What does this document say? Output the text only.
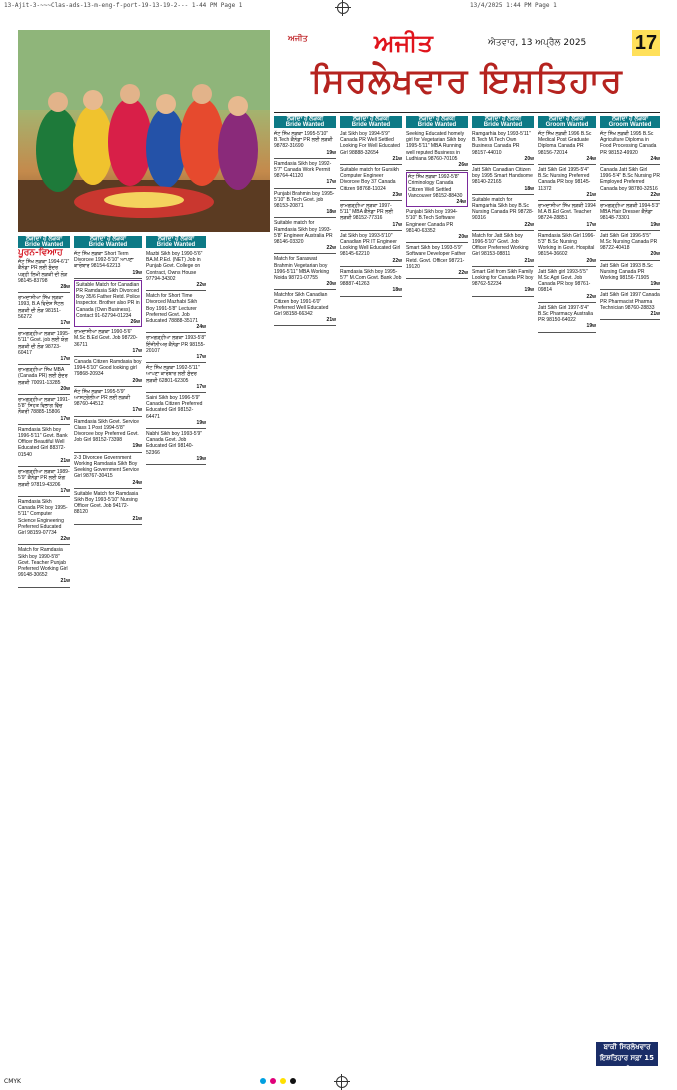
13-Ajit-3-~~~Clas-ads-13-m-eng-f-port-19-13-19-2--- 1-44 PM Page 1	13/4/2025 1:44 PM Page 1
ਅਜੀਤ	ਅਜੀਤ	ਐਤਵਾਰ, 13 ਅਪ੍ਰੈਲ 2025 17
ਸਿਰਲੇਖਵਾਰ ਇਸ਼ਤਿਹਾਰ
ਲੋੜੀਂਦਾ ਹੈ ਲੜਕਾ
Bride Wanted
ਪੂਰਨ-ਵਿਆਹ
ਜੱਟ ਸਿੱਖ ਲੜਕਾ 1994-6'1" ਕੈਨੇਡਾ PR ਲਈ ਸੁੰਦਰ ਪੜ੍ਹੀ ਲਿਖੀ ਲੜਕੀ ਦੀ ਲੋੜ 98145-83798
28w
ਰਾਮਦਾਸੀਆ ਸਿੱਖ ਲੜਕਾ 1993, B.A ਵਿਦੇਸ਼ ਸੈਟਲ ਲੜਕੀ ਦੀ ਲੋੜ 98151-56272
17w
ਰਾਮਗੜ੍ਹੀਆ ਲੜਕਾ 1995-5'11" Govt. job ਲਈ ਯੋਗ ਲੜਕੀ ਦੀ ਲੋੜ 98723-60417
17w
ਰਾਮਗੜ੍ਹੀਆ ਸਿੱਖ MBA (Canada PR) ਲਈ ਸੁੰਦਰ ਲੜਕੀ 70091-13285
20w
ਰਾਮਗੜ੍ਹੀਆ ਲੜਕਾ 1991-5'8" ਸਿਹਤ ਵਿਭਾਗ ਵਿੱਚ ਨੌਕਰੀ 78885-15806
17w
Ramdasia Sikh boy 1996-5'11" Govt. Bank Officer Beautiful Well Educated Girl 88372-01540
21w
ਰਾਮਗੜ੍ਹੀਆ ਲੜਕਾ 1989-5'9" ਕੈਨੇਡਾ PR ਲਈ ਯੋਗ ਲੜਕੀ 97819-43206
17w
Ramdasia Sikh Canada PR boy 1995-5'11" Computer Science Engineering Preferred Educated Girl 98159-07734
22w
Match for Ramdasia Sikh boy 1990-5'8" Govt. Teacher Punjab Preferred Working Girl 99148-30652
21w
ਲੋੜੀਂਦਾ ਹੈ ਲੜਕਾ
Bride Wanted
ਜੱਟ ਸਿੱਖ ਲੜਕਾ Short Term Divorcee 1992-5'10" ਆਪਣਾ ਕਾਰੋਬਾਰ 98154-62213
19w
Suitable Match for Canadian PR Ramdasia Sikh Divorced Boy 35/6 Father Retd. Police Inspector. Brother also PR in Canada (Own Business). Contact 91-62794-01234
26w
ਰਾਮਦਾਸੀਆ ਲੜਕਾ 1990-5'6" M.Sc B.Ed Govt. Job 98720-36711
17w
Canada Citizen Ramdasia boy 1994-5'10" Good looking girl 79868-20934
20w
ਜੱਟ ਸਿੱਖ ਲੜਕਾ 1995-5'9" ਆਸਟ੍ਰੇਲੀਆ PR ਲਈ ਲੜਕੀ 98760-44512
17w
Ramdasia Sikh Govt. Service Class 1 Post 1994-5'8" Divorcee boy Preferred Govt. Job Girl 98152-73398
19w
2-3 Divorcee Government Working Ramdasia Sikh Boy Seeking Government Service Girl 98767-30415
24w
Suitable Match for Ramdasia Sikh Boy 1993-5'10" Nursing Officer Govt. Job 94172-88120
21w
ਲੋੜੀਂਦਾ ਹੈ ਲੜਕਾ
Bride Wanted
Mazbi Sikh boy 1990-5'6" BA.M.P.Ed. (NET) Job in Punjab Govt. College on Contract, Owns House 97794-34302
22w
Match for Short Time Divorced Mazhabi Sikh Boy 1991-5'8" Lecturer Preferred Govt. Job Educated 78888-35171
24w
ਰਾਮਗੜ੍ਹੀਆ ਲੜਕਾ 1993-5'8" ਇੰਜੀਨੀਅਰ ਕੈਨੇਡਾ PR 98155-20107
17w
ਜੱਟ ਸਿੱਖ ਲੜਕਾ 1992-5'11" ਆਪਣਾ ਕਾਰੋਬਾਰ ਲਈ ਸੁੰਦਰ ਲੜਕੀ 62801-62305
17w
Saini Sikh boy 1996-5'9" Canada Citizen Preferred Educated Girl 98152-64471
19w
Nabhi Sikh boy 1993-5'9" Canada Govt. Job Educated Girl 98140-52366
19w
ਲੋੜੀਂਦਾ ਹੈ ਲੜਕੀ
Bride Wanted
ਜੱਟ ਸਿੱਖ ਲੜਕਾ 1995-5'10" B.Tech ਕੈਨੇਡਾ PR ਲਈ ਲੜਕੀ 98782-31690
19w
Ramdasia Sikh boy 1992-5'7" Canada Work Permit 98764-41120
17w
Punjabi Brahmin boy 1995-5'10" B.Tech Govt. job 98153-20871
18w
Suitable match for Ramdasia Sikh boy 1993-5'8" Engineer Australia PR 98146-03320
22w
Match for Saraswat Brahmin Vegetarian boy 1996-5'11" MBA Working Noida 98721-07755
20w
Matchfor Sikh Canadian Citizen boy 1991-6'0" Preferred Well Educated Girl 98158-66342
21w
ਲੋੜੀਂਦਾ ਹੈ ਲੜਕੀ
Bride Wanted
Jat Sikh boy 1994-5'9" Canada PR Well Settled Looking For Well Educated Girl 98888-32654
21w
Suitable match for Gursikh Computer Engineer Divorcee Boy 37 Canada Citizen 98768-11024
23w
ਰਾਮਗੜ੍ਹੀਆ ਲੜਕਾ 1997-5'11" MBA ਕੈਨੇਡਾ PR ਲਈ ਲੜਕੀ 98152-77316
17w
Jat Sikh boy 1993-5'10" Canadian PR IT Engineer Looking Well Educated Girl 98145-62210
22w
Ramdasia Sikh boy 1995-5'7" M.Com Govt. Bank Job 98887-41263
18w
ਲੋੜੀਂਦਾ ਹੈ ਲੜਕੀ
Bride Wanted
Seeking Educated homely girl for Vegetarian Sikh boy 1995-5'11" MBA Running well reputed Business in Ludhiana 98760-70105
26w
ਜੱਟ ਸਿੱਖ ਲੜਕਾ 1992-5'8" Criminology Canada Citizen Well Settled Vancouver 98152-88430
24w
Punjabi Sikh boy 1994-5'10" B.Tech Software Engineer Canada PR 98140-63352
20w
Smart Sikh boy 1993-5'9" Software Developer Father Retd. Govt. Officer 98721-19120
22w
ਲੋੜੀਂਦਾ ਹੈ ਲੜਕੀ
Bride Wanted
Ramgarhia boy 1993-5'11" B.Tech M.Tech Own Business Canada PR 98157-44010
20w
Jatt Sikh Canadian Citizen boy 1995 Smart Handsome 98140-22165
18w
Suitable match for Ramgarhia Sikh boy B.Sc Nursing Canada PR 98728-90316
22w
Match for Jatt Sikh boy 1996-5'10" Govt. Job Officer Preferred Working Girl 98153-08811
21w
Smart Girl from Sikh Family Looking for Canada PR boy 98762-52234
19w
ਲੋੜੀਂਦਾ ਹੈ ਲੜਕਾ
Groom Wanted
ਜੱਟ ਸਿੱਖ ਲੜਕੀ 1996 B.Sc Medical Post Graduate Diploma Canada PR 98156-72014
24w
Jatt Sikh Girl 1995-5'4" B.Sc Nursing Preferred Canada PR boy 98145-11372
21w
ਰਾਮਦਾਸੀਆ ਸਿੱਖ ਲੜਕੀ 1994 M.A B.Ed Govt. Teacher 98724-28851
17w
Ramdasia Sikh Girl 1996-5'3" B.Sc Nursing Working in Govt. Hospital 98154-36602
20w
Jatt Sikh girl 1993-5'5" M.Sc Agri Govt. Job Canada PR boy 98761-09814
22w
Jatt Sikh Girl 1997-5'4" B.Sc Pharmacy Australia PR 98150-64022
19w
ਲੋੜੀਂਦਾ ਹੈ ਲੜਕਾ
Groom Wanted
ਜੱਟ ਸਿੱਖ ਲੜਕੀ 1995 B.Sc Agriculture Diploma in Food Processing Canada PR 98152-49920
24w
Canada Jatt Sikh Girl 1996-5'4" B.Sc Nursing PR Employed Preferred Canada boy 98780-32516
22w
ਰਾਮਗੜ੍ਹੀਆ ਲੜਕੀ 1994-5'3" MBA Hair Dresser ਕੈਨੇਡਾ 98148-73301
19w
Jatt Sikh Girl 1996-5'5" M.Sc Nursing Canada PR 98722-40418
20w
Jatt Sikh Girl 1993 B.Sc Nursing Canada PR Working 98156-71905
19w
Jatt Sikh Girl 1997 Canada PR Pharmacist Pharma Technician 98760-28833
21w
ਬਾਕੀ ਸਿਰਲੇਖਵਾਰ
ਇਸ਼ਤਿਹਾਰ ਸਫ਼ਾ 15 'ਤੇ
CMYK
